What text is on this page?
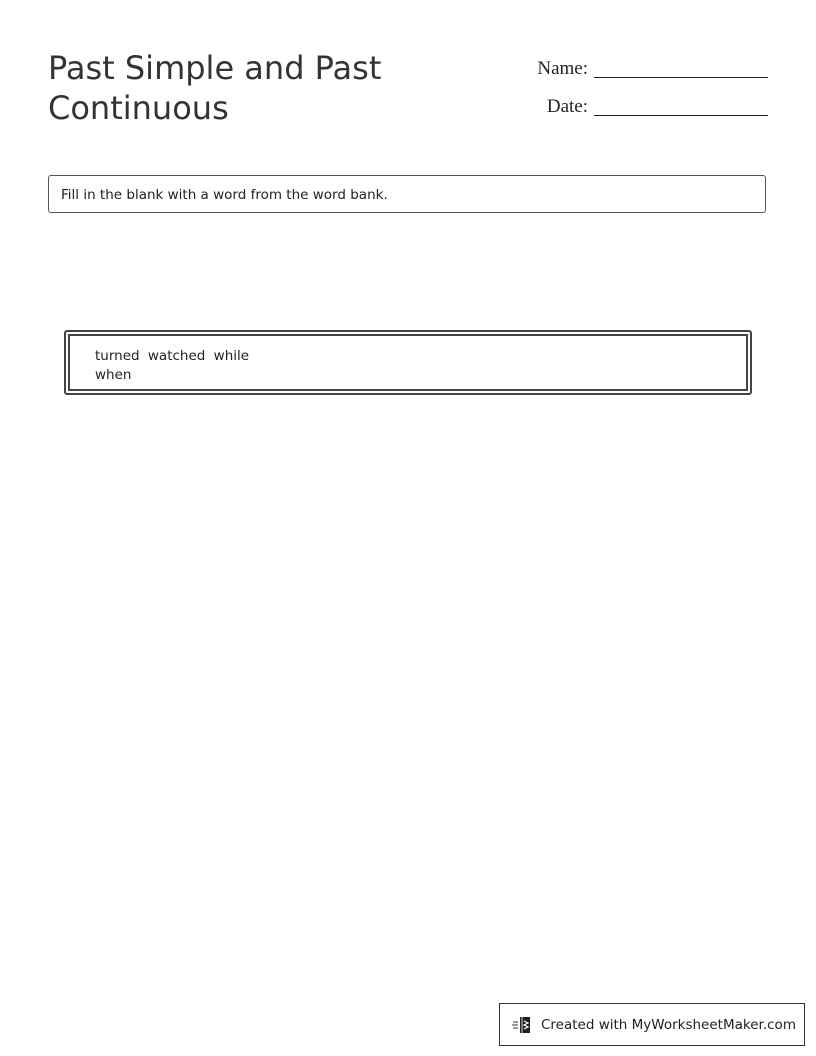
Past Simple and Past Continuous
Name:
Date:
Fill in the blank with a word from the word bank.
turned watched while when
Created with MyWorksheetMaker.com
